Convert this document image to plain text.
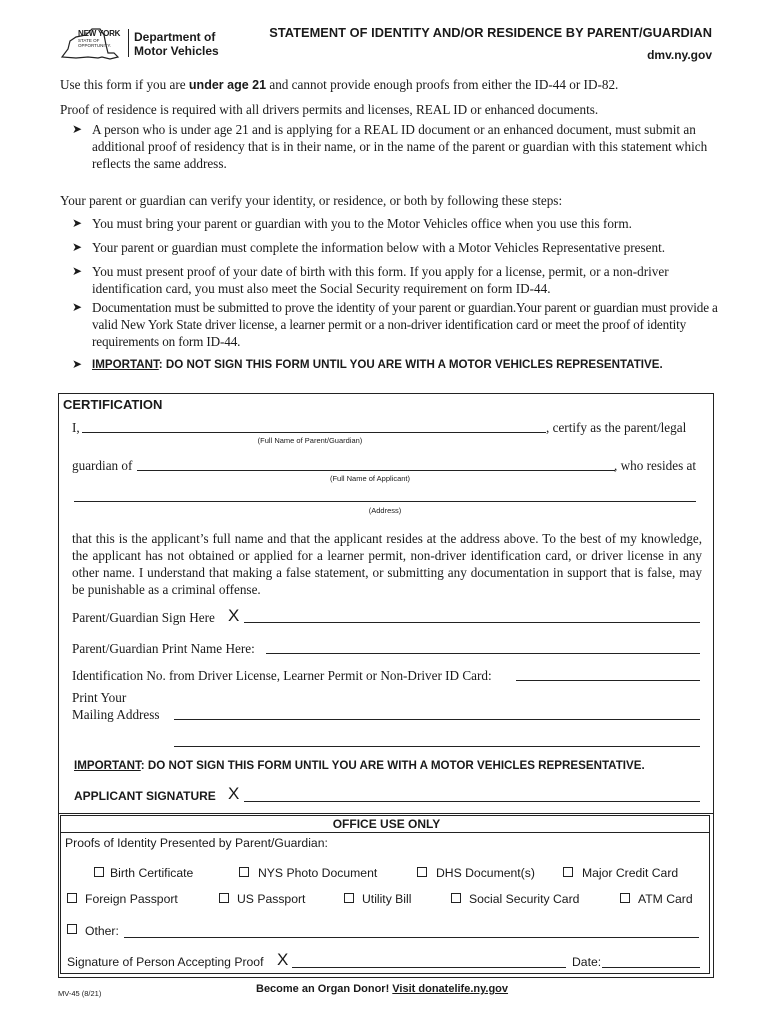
NEW YORK
STATE OF OPPORTUNITY.
Department of
Motor Vehicles
STATEMENT OF IDENTITY AND/OR RESIDENCE BY PARENT/GUARDIAN
dmv.ny.gov
Use this form if you are under age 21 and cannot provide enough proofs from either the ID-44 or ID-82.
Proof of residence is required with all drivers permits and licenses, REAL ID or enhanced documents.
➤ A person who is under age 21 and is applying for a REAL ID document or an enhanced document, must submit an additional proof of residency that is in their name, or in the name of the parent or guardian with this statement which reflects the same address.
Your parent or guardian can verify your identity, or residence, or both by following these steps:
➤ You must bring your parent or guardian with you to the Motor Vehicles office when you use this form.
➤ Your parent or guardian must complete the information below with a Motor Vehicles Representative present.
➤ You must present proof of your date of birth with this form. If you apply for a license, permit, or a non-driver identification card, you must also meet the Social Security requirement on form ID-44.
➤ Documentation must be submitted to prove the identity of your parent or guardian.Your parent or guardian must provide a valid New York State driver license, a learner permit or a non-driver identification card or meet the proof of identity requirements on form ID-44.
➤ IMPORTANT: DO NOT SIGN THIS FORM UNTIL YOU ARE WITH A MOTOR VEHICLES REPRESENTATIVE.
CERTIFICATION
I,	, certify as the parent/legal
(Full Name of Parent/Guardian)
guardian of	, who resides at
(Full Name of Applicant)
(Address)
that this is the applicant’s full name and that the applicant resides at the address above. To the best of my knowledge, the applicant has not obtained or applied for a learner permit, non-driver identification card, or driver license in any other name. I understand that making a false statement, or submitting any documentation in support that is false, may be punishable as a criminal offense.
Parent/Guardian Sign Here X
Parent/Guardian Print Name Here:
Identification No. from Driver License, Learner Permit or Non-Driver ID Card:
Print Your
Mailing Address
IMPORTANT: DO NOT SIGN THIS FORM UNTIL YOU ARE WITH A MOTOR VEHICLES REPRESENTATIVE.
APPLICANT SIGNATURE X
OFFICE USE ONLY
Proofs of Identity Presented by Parent/Guardian:
Birth Certificate	NYS Photo Document	DHS Document(s)	Major Credit Card
Foreign Passport	US Passport	Utility Bill	Social Security Card	ATM Card
Other:
Signature of Person Accepting Proof X	Date:
MV-45 (8/21)	Become an Organ Donor! Visit donatelife.ny.gov
